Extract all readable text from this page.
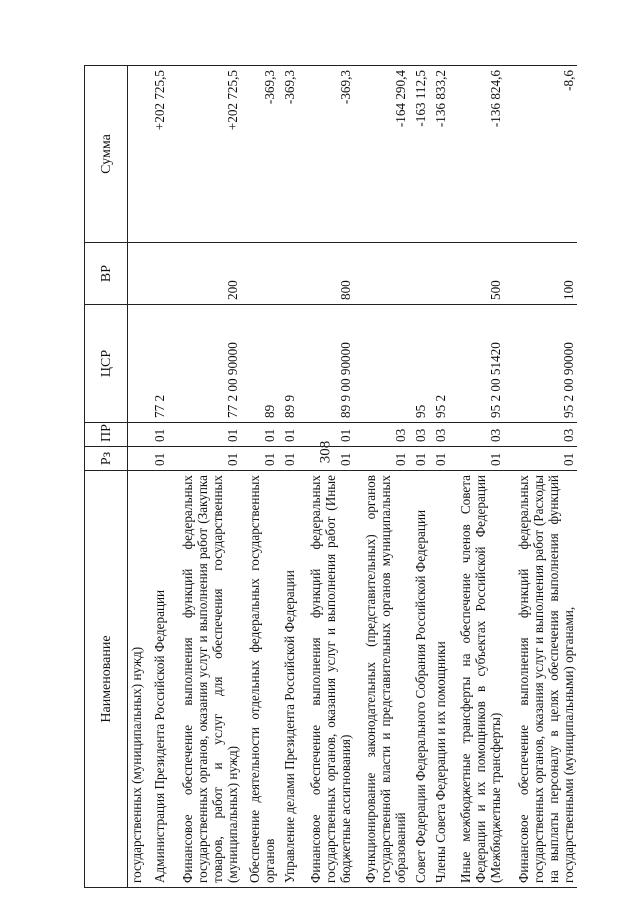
308
Наименование	Рз	ПР	ЦСР	ВР	Сумма
государственных (муниципальных) нужд)					
Администрация Президента Российской Федерации	01	01	77 2		+202 725,5
Финансовое обеспечение выполнения функций федеральных государственных органов, оказания услуг и выполнения работ (Закупка товаров, работ и услуг для обеспечения государственных (муниципальных) нужд)	01	01	77 2 00 90000	200	+202 725,5
Обеспечение деятельности отдельных федеральных государственных органов	01	01	89		-369,3
Управление делами Президента Российской Федерации	01	01	89 9		-369,3
Финансовое обеспечение выполнения функций федеральных государственных органов, оказания услуг и выполнения работ (Иные бюджетные ассигнования)	01	01	89 9 00 90000	800	-369,3
Функционирование законодательных (представительных) органов государственной власти и представительных органов муниципальных образований	01	03			-164 290,4
Совет Федерации Федерального Собрания Российской Федерации	01	03	95		-163 112,5
Члены Совета Федерации и их помощники	01	03	95 2		-136 833,2
Иные межбюджетные трансферты на обеспечение членов Совета Федерации и их помощников в субъектах Российской Федерации (Межбюджетные трансферты)	01	03	95 2 00 51420	500	-136 824,6
Финансовое обеспечение выполнения функций федеральных государственных органов, оказания услуг и выполнения работ (Расходы на выплаты персоналу в целях обеспечения выполнения функций государственными (муниципальными) органами,	01	03	95 2 00 90000	100	-8,6
